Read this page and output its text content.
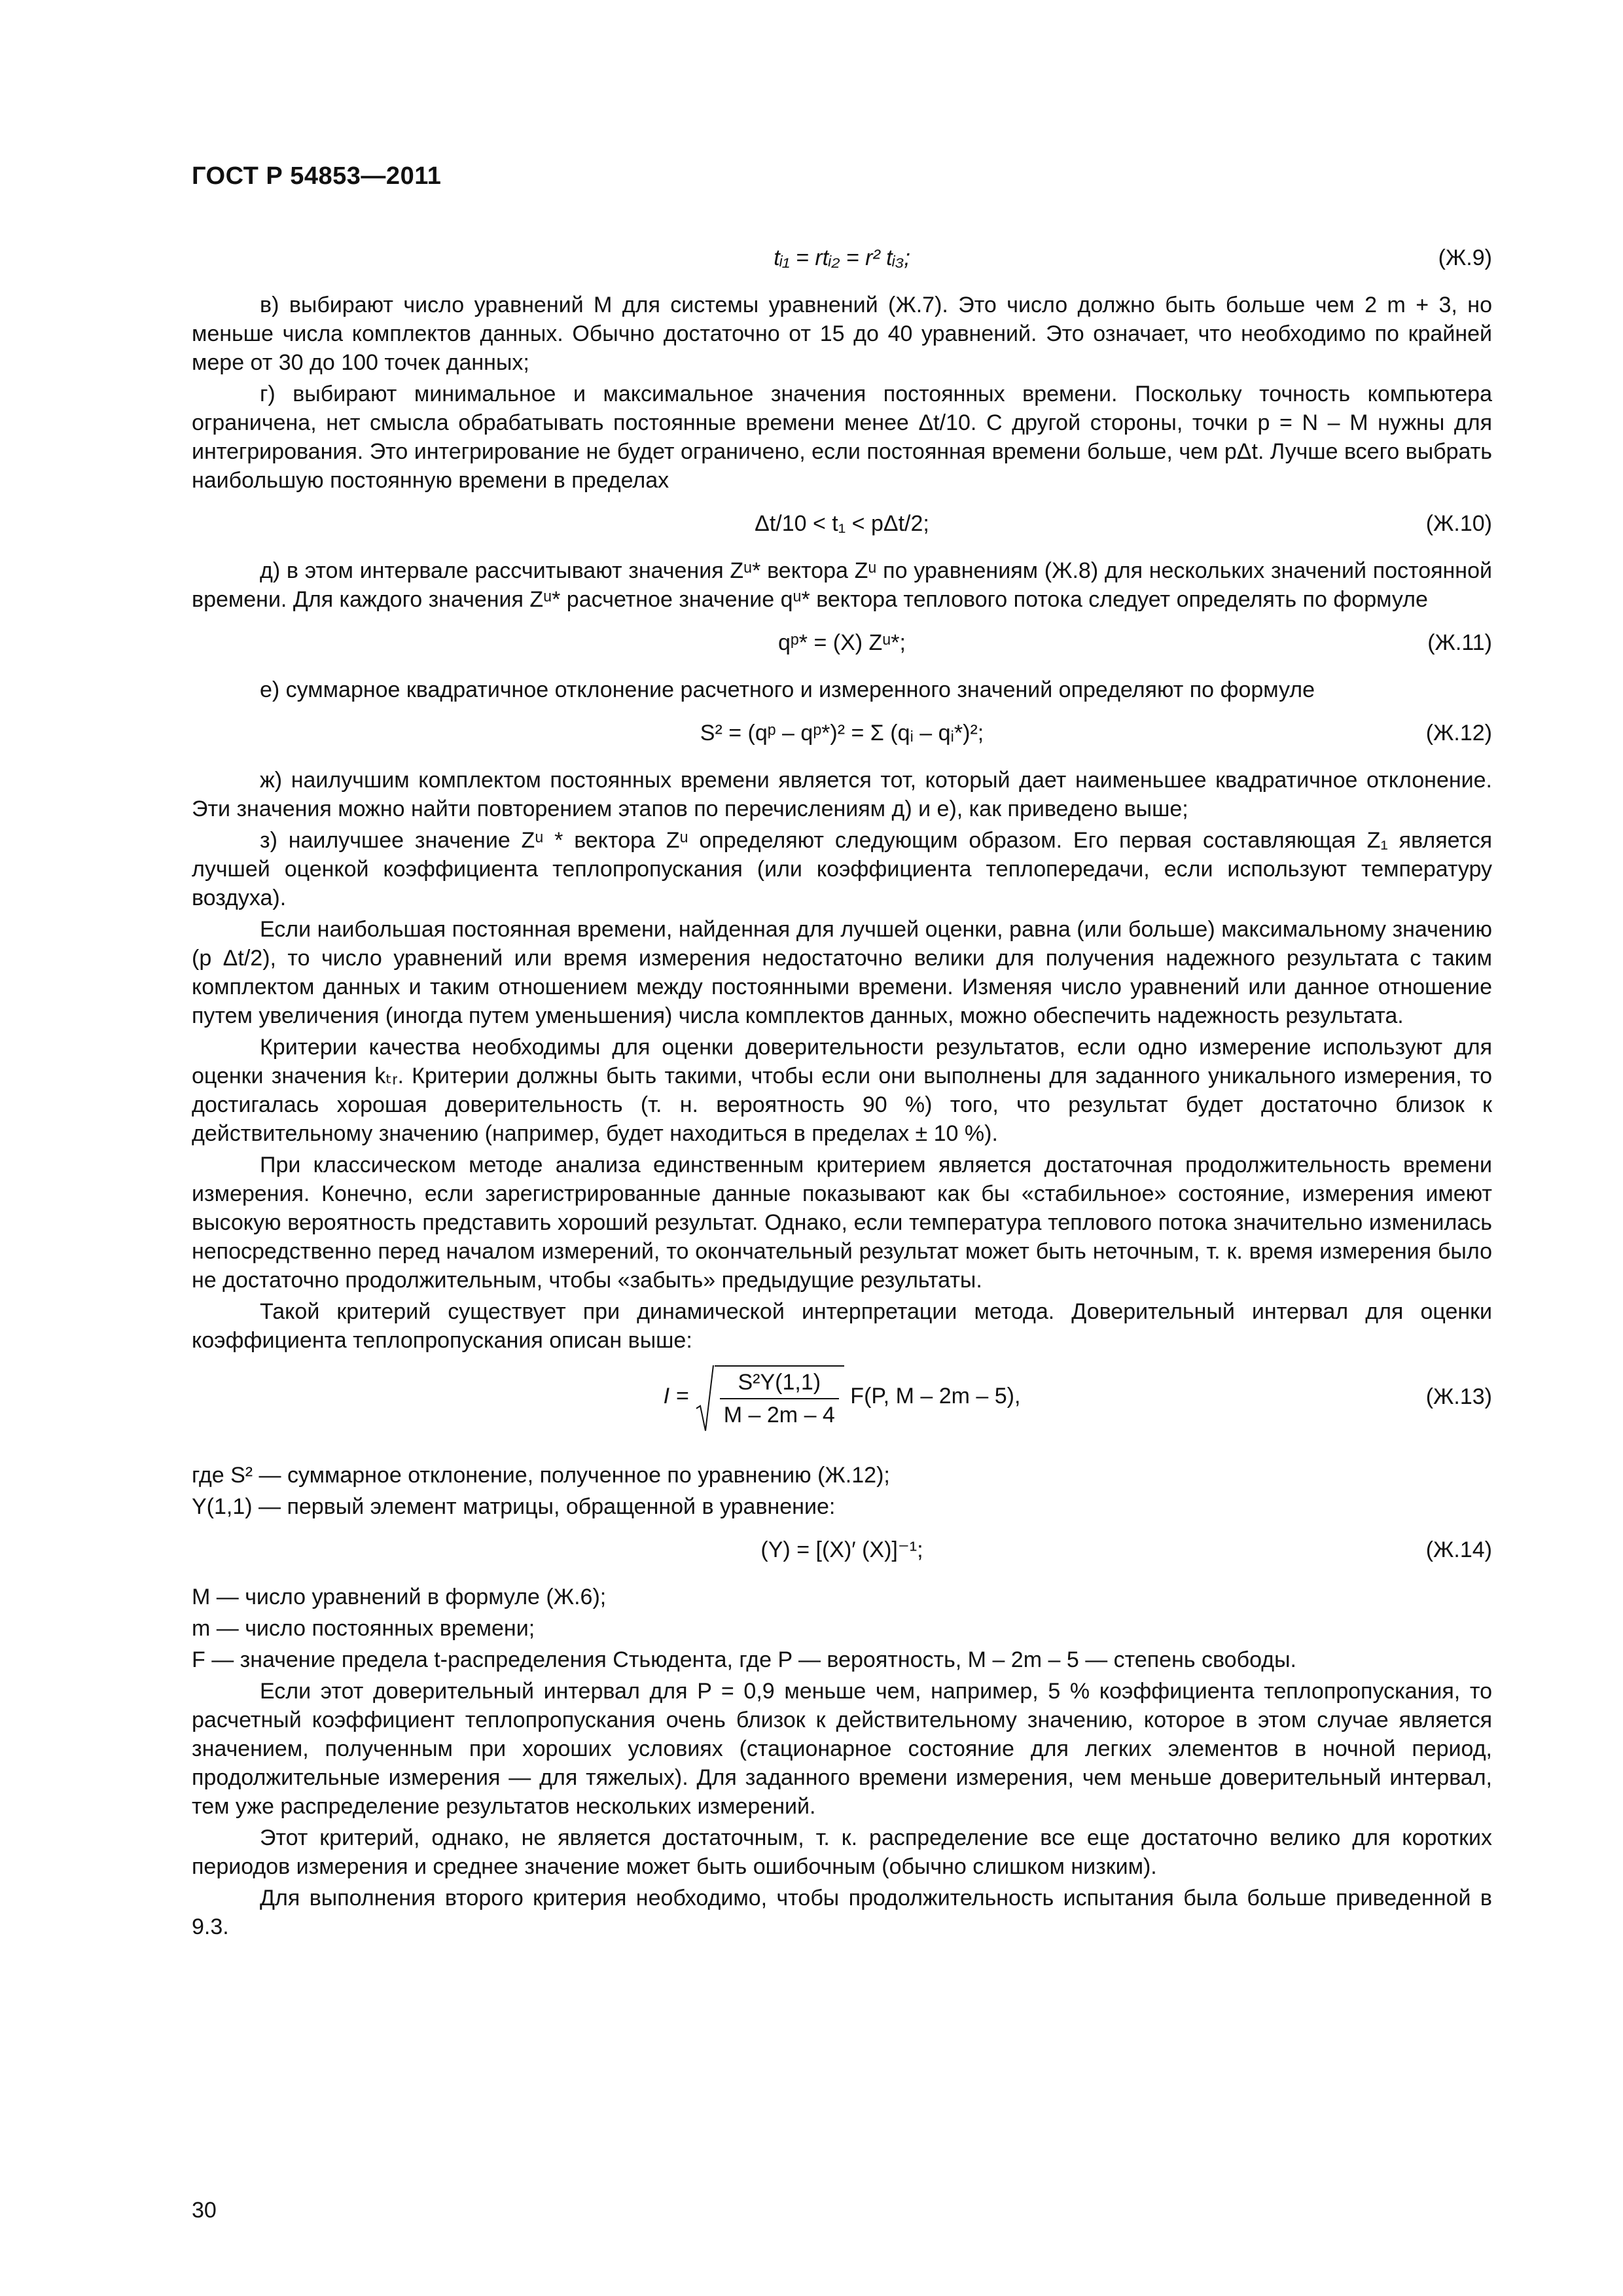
ГОСТ Р 54853—2011
tᵢ₁ = rtᵢ₂ = r² tᵢ₃;	(Ж.9)

в) выбирают число уравнений M для системы уравнений (Ж.7). Это число должно быть больше чем 2 m + 3, но меньше числа комплектов данных. Обычно достаточно от 15 до 40 уравнений. Это означает, что необходимо по крайней мере от 30 до 100 точек данных;

г) выбирают минимальное и максимальное значения постоянных времени. Поскольку точность компьютера ограничена, нет смысла обрабатывать постоянные времени менее Δt/10. С другой стороны, точки p = N – M нужны для интегрирования. Это интегрирование не будет ограничено, если постоянная времени больше, чем pΔt. Лучше всего выбрать наибольшую постоянную времени в пределах

Δt/10 < t₁ < pΔt/2;	(Ж.10)

д) в этом интервале рассчитывают значения Zᵘ* вектора Zᵘ по уравнениям (Ж.8) для нескольких значений постоянной времени. Для каждого значения Zᵘ* расчетное значение qᵘ* вектора теплового потока следует определять по формуле

qᵖ* = (X) Zᵘ*;	(Ж.11)

е) суммарное квадратичное отклонение расчетного и измеренного значений определяют по формуле

S² = (qᵖ – qᵖ*)² = Σ (qᵢ – qᵢ*)²;	(Ж.12)

ж) наилучшим комплектом постоянных времени является тот, который дает наименьшее квадратичное отклонение. Эти значения можно найти повторением этапов по перечислениям д) и е), как приведено выше;

з) наилучшее значение Zᵘ * вектора Zᵘ определяют следующим образом. Его первая составляющая Z₁ является лучшей оценкой коэффициента теплопропускания (или коэффициента теплопередачи, если используют температуру воздуха).

Если наибольшая постоянная времени, найденная для лучшей оценки, равна (или больше) максимальному значению (p Δt/2), то число уравнений или время измерения недостаточно велики для получения надежного результата с таким комплектом данных и таким отношением между постоянными времени. Изменяя число уравнений или данное отношение путем увеличения (иногда путем уменьшения) числа комплектов данных, можно обеспечить надежность результата.

Критерии качества необходимы для оценки доверительности результатов, если одно измерение используют для оценки значения kₜᵣ. Критерии должны быть такими, чтобы если они выполнены для заданного уникального измерения, то достигалась хорошая доверительность (т. н. вероятность 90 %) того, что результат будет достаточно близок к действительному значению (например, будет находиться в пределах ± 10 %).

При классическом методе анализа единственным критерием является достаточная продолжительность времени измерения. Конечно, если зарегистрированные данные показывают как бы «стабильное» состояние, измерения имеют высокую вероятность представить хороший результат. Однако, если температура теплового потока значительно изменилась непосредственно перед началом измерений, то окончательный результат может быть неточным, т. к. время измерения было не достаточно продолжительным, чтобы «забыть» предыдущие результаты.

Такой критерий существует при динамической интерпретации метода. Доверительный интервал для оценки коэффициента теплопропускания описан выше:

$I = \frac{\text{S²Y(1,1)}}{M - 2m - 4} F(P$, M – 2m – 5),	(Ж.13)

где S² — суммарное отклонение, полученное по уравнению (Ж.12);

Y(1,1) — первый элемент матрицы, обращенной в уравнение:

(Y) = [(X)′ (X)]⁻¹;	(Ж.14)

M — число уравнений в формуле (Ж.6);

m — число постоянных времени;

F — значение предела t-распределения Стьюдента, где P — вероятность, M – 2m – 5 — степень свободы.

Если этот доверительный интервал для P = 0,9 меньше чем, например, 5 % коэффициента теплопропускания, то расчетный коэффициент теплопропускания очень близок к действительному значению, которое в этом случае является значением, полученным при хороших условиях (стационарное состояние для легких элементов в ночной период, продолжительные измерения — для тяжелых). Для заданного времени измерения, чем меньше доверительный интервал, тем уже распределение результатов нескольких измерений.

Этот критерий, однако, не является достаточным, т. к. распределение все еще достаточно велико для коротких периодов измерения и среднее значение может быть ошибочным (обычно слишком низким).

Для выполнения второго критерия необходимо, чтобы продолжительность испытания была больше приведенной в 9.3.

30
